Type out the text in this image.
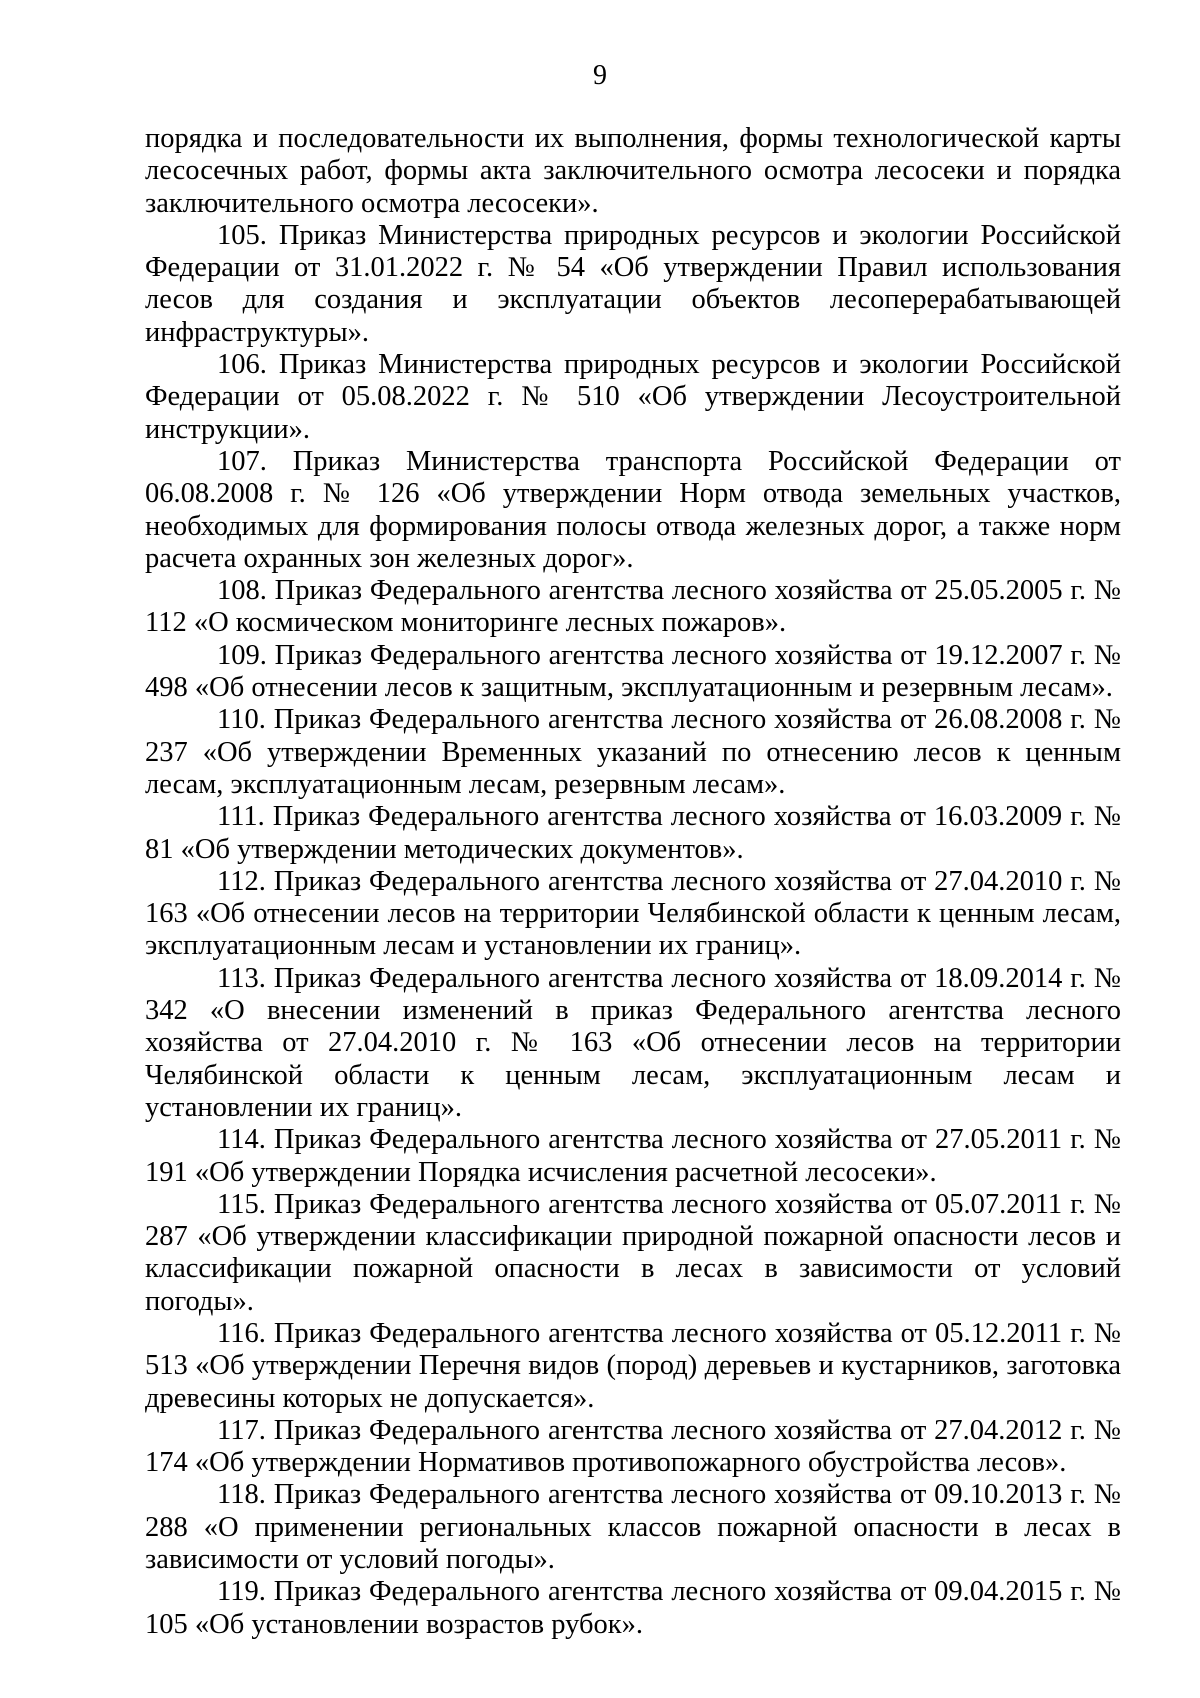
9

порядка и последовательности их выполнения, формы технологической карты лесосечных работ, формы акта заключительного осмотра лесосеки и порядка заключительного осмотра лесосеки».

105. Приказ Министерства природных ресурсов и экологии Российской Федерации от 31.01.2022 г. № 54 «Об утверждении Правил использования лесов для создания и эксплуатации объектов лесоперерабатывающей инфраструктуры».

106. Приказ Министерства природных ресурсов и экологии Российской Федерации от 05.08.2022 г. № 510 «Об утверждении Лесоустроительной инструкции».

107. Приказ Министерства транспорта Российской Федерации от 06.08.2008 г. № 126 «Об утверждении Норм отвода земельных участков, необходимых для формирования полосы отвода железных дорог, а также норм расчета охранных зон железных дорог».

108. Приказ Федерального агентства лесного хозяйства от 25.05.2005 г. № 112 «О космическом мониторинге лесных пожаров».

109. Приказ Федерального агентства лесного хозяйства от 19.12.2007 г. № 498 «Об отнесении лесов к защитным, эксплуатационным и резервным лесам».

110. Приказ Федерального агентства лесного хозяйства от 26.08.2008 г. № 237 «Об утверждении Временных указаний по отнесению лесов к ценным лесам, эксплуатационным лесам, резервным лесам».

111. Приказ Федерального агентства лесного хозяйства от 16.03.2009 г. № 81 «Об утверждении методических документов».

112. Приказ Федерального агентства лесного хозяйства от 27.04.2010 г. № 163 «Об отнесении лесов на территории Челябинской области к ценным лесам, эксплуатационным лесам и установлении их границ».

113. Приказ Федерального агентства лесного хозяйства от 18.09.2014 г. № 342 «О внесении изменений в приказ Федерального агентства лесного хозяйства от 27.04.2010 г. № 163 «Об отнесении лесов на территории Челябинской области к ценным лесам, эксплуатационным лесам и установлении их границ».

114. Приказ Федерального агентства лесного хозяйства от 27.05.2011 г. № 191 «Об утверждении Порядка исчисления расчетной лесосеки».

115. Приказ Федерального агентства лесного хозяйства от 05.07.2011 г. № 287 «Об утверждении классификации природной пожарной опасности лесов и классификации пожарной опасности в лесах в зависимости от условий погоды».

116. Приказ Федерального агентства лесного хозяйства от 05.12.2011 г. № 513 «Об утверждении Перечня видов (пород) деревьев и кустарников, заготовка древесины которых не допускается».

117. Приказ Федерального агентства лесного хозяйства от 27.04.2012 г. № 174 «Об утверждении Нормативов противопожарного обустройства лесов».

118. Приказ Федерального агентства лесного хозяйства от 09.10.2013 г. № 288 «О применении региональных классов пожарной опасности в лесах в зависимости от условий погоды».

119. Приказ Федерального агентства лесного хозяйства от 09.04.2015 г. № 105 «Об установлении возрастов рубок».
